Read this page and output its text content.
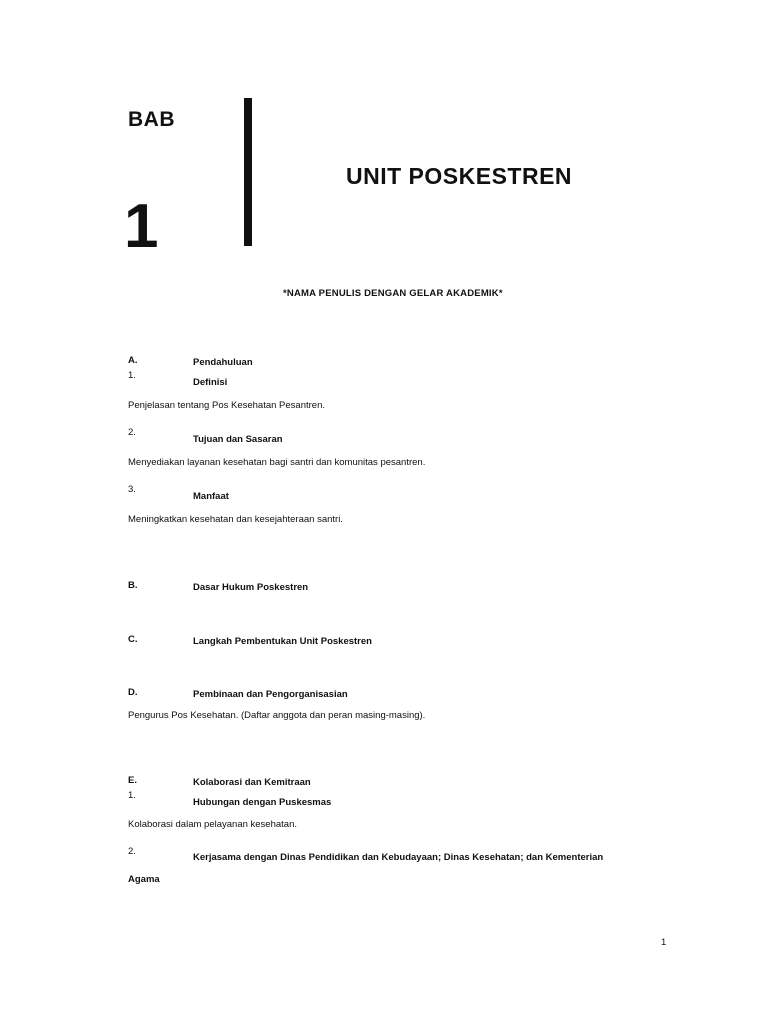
BAB
1
UNIT POSKESTREN
*NAMA PENULIS DENGAN GELAR AKADEMIK*
A.	Pendahuluan
1.
Definisi
Penjelasan tentang Pos Kesehatan Pesantren.
2.
Tujuan dan Sasaran
Menyediakan layanan kesehatan bagi santri dan komunitas pesantren.
3.
Manfaat
Meningkatkan kesehatan dan kesejahteraan santri.
B.	Dasar Hukum Poskestren
C.	Langkah Pembentukan Unit Poskestren
D.	Pembinaan dan Pengorganisasian
Pengurus Pos Kesehatan. (Daftar anggota dan peran masing-masing).
E.	Kolaborasi dan Kemitraan
1.
Hubungan dengan Puskesmas
Kolaborasi dalam pelayanan kesehatan.
2.
Kerjasama dengan Dinas Pendidikan dan Kebudayaan; Dinas Kesehatan; dan Kementerian
Agama
1
